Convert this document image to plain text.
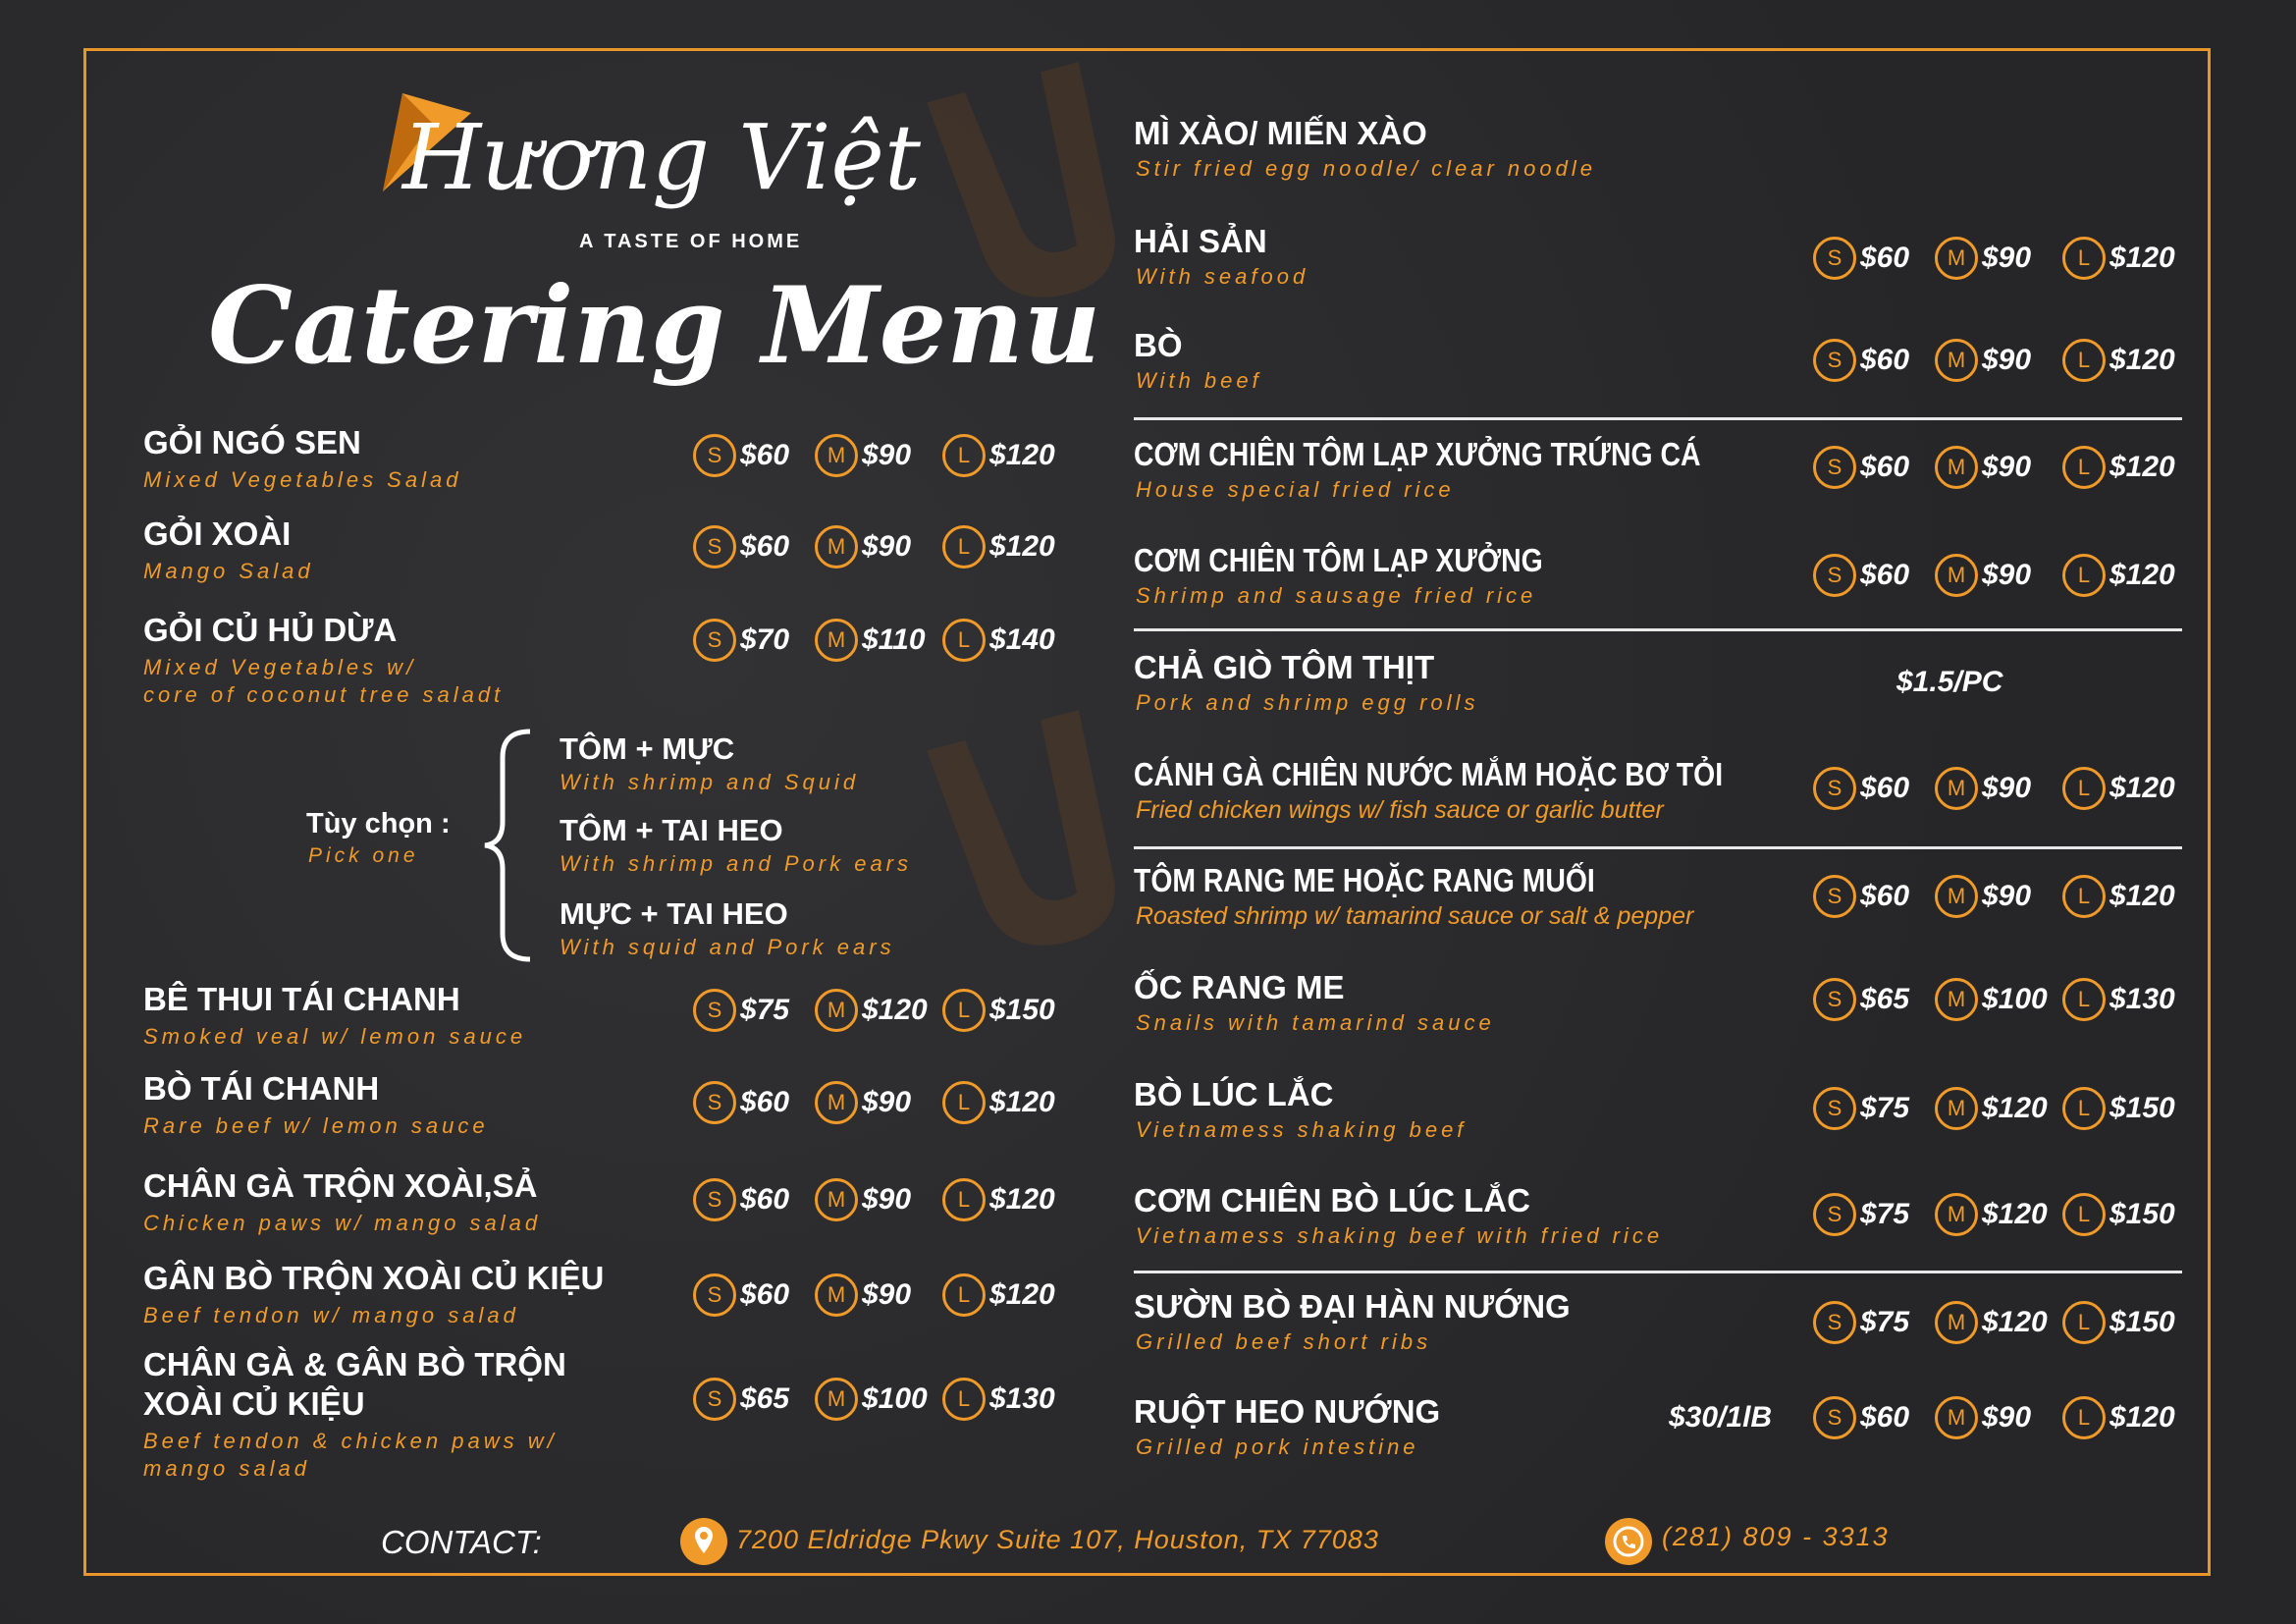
Hương Việt
A TASTE OF HOME
Catering Menu
Tùy chọn :
Pick one
GỎI NGÓ SEN
Mixed Vegetables Salad
S $60	M $90	L $120
GỎI XOÀI
Mango Salad
S $60	M $90	L $120
GỎI CỦ HỦ DỪA
Mixed Vegetables w/
core of coconut tree saladt
S $70	M $110	L $140
BÊ THUI TÁI CHANH
Smoked veal w/ lemon sauce
S $75	M $120	L $150
BÒ TÁI CHANH
Rare beef w/ lemon sauce
S $60	M $90	L $120
CHÂN GÀ TRỘN XOÀI,SẢ
Chicken paws w/ mango salad
S $60	M $90	L $120
GÂN BÒ TRỘN XOÀI CỦ KIỆU
Beef tendon w/ mango salad
S $60	M $90	L $120
CHÂN GÀ & GÂN BÒ TRỘN
XOÀI CỦ KIỆU
Beef tendon & chicken paws w/
mango salad
S $65	M $100	L $130
TÔM + MỰC
With shrimp and Squid
TÔM + TAI HEO
With shrimp and Pork ears
MỰC + TAI HEO
With squid and Pork ears
MÌ XÀO/ MIẾN XÀO
Stir fried egg noodle/ clear noodle
HẢI SẢN
With seafood
S $60	M $90	L $120
BÒ
With beef
S $60	M $90	L $120
CƠM CHIÊN TÔM LẠP XƯỞNG TRỨNG CÁ
House special fried rice
S $60	M $90	L $120
CƠM CHIÊN TÔM LẠP XƯỞNG
Shrimp and sausage fried rice
S $60	M $90	L $120
CHẢ GIÒ TÔM THỊT
Pork and shrimp egg rolls
$1.5/PC
CÁNH GÀ CHIÊN NƯỚC MẮM HOẶC BƠ TỎI
Fried chicken wings w/ fish sauce or garlic butter
S $60	M $90	L $120
TÔM RANG ME HOẶC RANG MUỐI
Roasted shrimp w/ tamarind sauce or salt & pepper
S $60	M $90	L $120
ỐC RANG ME
Snails with tamarind sauce
S $65	M $100	L $130
BÒ LÚC LẮC
Vietnamess shaking beef
S $75	M $120	L $150
CƠM CHIÊN BÒ LÚC LẮC
Vietnamess shaking beef with fried rice
S $75	M $120	L $150
SƯỜN BÒ ĐẠI HÀN NƯỚNG
Grilled beef short ribs
S $75	M $120	L $150
RUỘT HEO NƯỚNG
Grilled pork intestine
S $60	M $90	L $120
$30/1lB
CONTACT:	7200 Eldridge Pkwy Suite 107, Houston, TX 77083	(281) 809 - 3313
